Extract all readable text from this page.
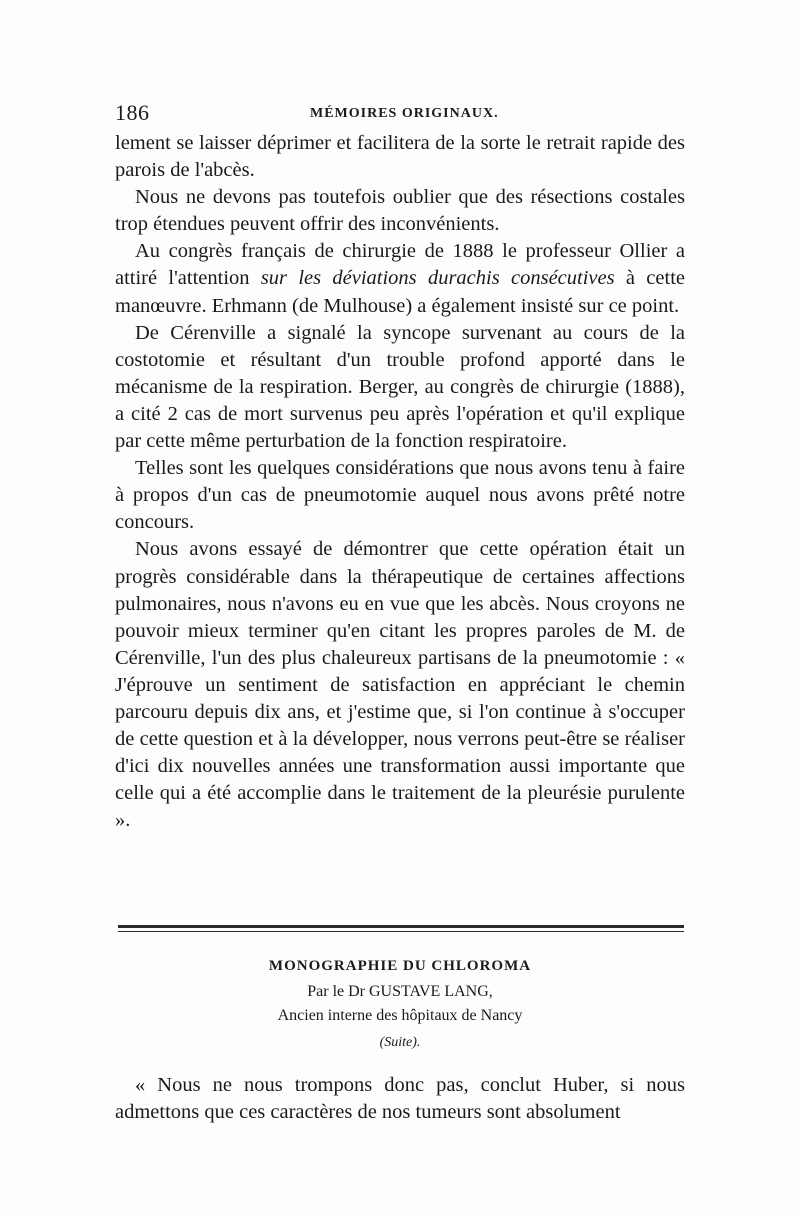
186	MÉMOIRES ORIGINAUX.

lement se laisser déprimer et facilitera de la sorte le retrait rapide des parois de l'abcès.

Nous ne devons pas toutefois oublier que des résections costales trop étendues peuvent offrir des inconvénients.

Au congrès français de chirurgie de 1888 le professeur Ollier a attiré l'attention sur les déviations durachis consécutives à cette manœuvre. Erhmann (de Mulhouse) a également insisté sur ce point.

De Cérenville a signalé la syncope survenant au cours de la costotomie et résultant d'un trouble profond apporté dans le mécanisme de la respiration. Berger, au congrès de chirurgie (1888), a cité 2 cas de mort survenus peu après l'opération et qu'il explique par cette même perturbation de la fonction respiratoire.

Telles sont les quelques considérations que nous avons tenu à faire à propos d'un cas de pneumotomie auquel nous avons prêté notre concours.

Nous avons essayé de démontrer que cette opération était un progrès considérable dans la thérapeutique de certaines affections pulmonaires, nous n'avons eu en vue que les abcès. Nous croyons ne pouvoir mieux terminer qu'en citant les propres paroles de M. de Cérenville, l'un des plus chaleureux partisans de la pneumotomie : « J'éprouve un sentiment de satisfaction en appréciant le chemin parcouru depuis dix ans, et j'estime que, si l'on continue à s'occuper de cette question et à la développer, nous verrons peut-être se réaliser d'ici dix nouvelles années une transformation aussi importante que celle qui a été accomplie dans le traitement de la pleurésie purulente ».

MONOGRAPHIE DU CHLOROMA

Par le Dr GUSTAVE LANG,

Ancien interne des hôpitaux de Nancy

(Suite).

« Nous ne nous trompons donc pas, conclut Huber, si nous admettons que ces caractères de nos tumeurs sont absolument
